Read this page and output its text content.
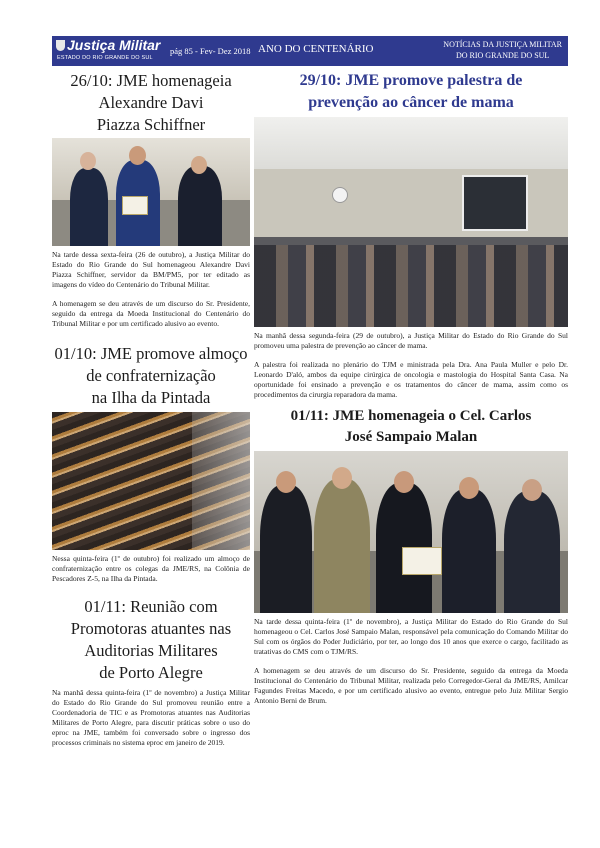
Justiça Militar
ESTADO DO RIO GRANDE DO SUL
pág 85 - Fev- Dez 2018 ANO DO CENTENÁRIO	NOTÍCIAS DA JUSTIÇA MILITAR
DO RIO GRANDE DO SUL
26/10: JME homenageia
Alexandre Davi
Piazza Schiffner

Na tarde dessa sexta-feira (26 de outubro), a Justiça Militar do Estado do Rio Grande do Sul homenageou Alexandre Davi Piazza Schiffner, servidor da BM/PM5, por ter editado as imagens do vídeo do Centenário do Tribunal Militar.

A homenagem se deu através de um discurso do Sr. Presidente, seguido da entrega da Moeda Institucional do Centenário do Tribunal Militar e por um certificado alusivo ao evento.

01/10: JME promove almoço
de confraternização
na Ilha da Pintada

Nessa quinta-feira (1º de outubro) foi realizado um almoço de confraternização entre os colegas da JME/RS, na Colônia de Pescadores Z-5, na Ilha da Pintada.

01/11: Reunião com
Promotoras atuantes nas
Auditorias Militares
de Porto Alegre

Na manhã dessa quinta-feira (1º de novembro) a Justiça Militar do Estado do Rio Grande do Sul promoveu reunião entre a Coordenadoria de TIC e as Promotoras atuantes nas Auditorias Militares de Porto Alegre, para discutir práticas sobre o uso do eproc na JME, também foi conversado sobre o ingresso dos processos criminais no sistema eproc em janeiro de 2019.

29/10: JME promove palestra de
prevenção ao câncer de mama

Na manhã dessa segunda-feira (29 de outubro), a Justiça Militar do Estado do Rio Grande do Sul promoveu uma palestra de prevenção ao câncer de mama.

A palestra foi realizada no plenário do TJM e ministrada pela Dra. Ana Paula Muller e pelo Dr. Leonardo D'aló, ambos da equipe cirúrgica de oncologia e mastologia do Hospital Santa Casa. Na oportunidade foi ensinado a prevenção e os tratamentos do câncer de mama, assim como os procedimentos da cirurgia reparadora da mama.

01/11: JME homenageia o Cel. Carlos
José Sampaio Malan

Na tarde dessa quinta-feira (1º de novembro), a Justiça Militar do Estado do Rio Grande do Sul homenageou o Cel. Carlos José Sampaio Malan, responsável pela comunicação do Comando Militar do Sul com os órgãos do Poder Judiciário, por ter, ao longo dos 10 anos que exerce o cargo, facilitado as tratativas do CMS com o TJM/RS.

A homenagem se deu através de um discurso do Sr. Presidente, seguido da entrega da Moeda Institucional do Centenário do Tribunal Militar, realizada pelo Corregedor-Geral da JME/RS, Amilcar Fagundes Freitas Macedo, e por um certificado alusivo ao evento, entregue pelo Juiz Militar Sergio Antonio Berni de Brum.
